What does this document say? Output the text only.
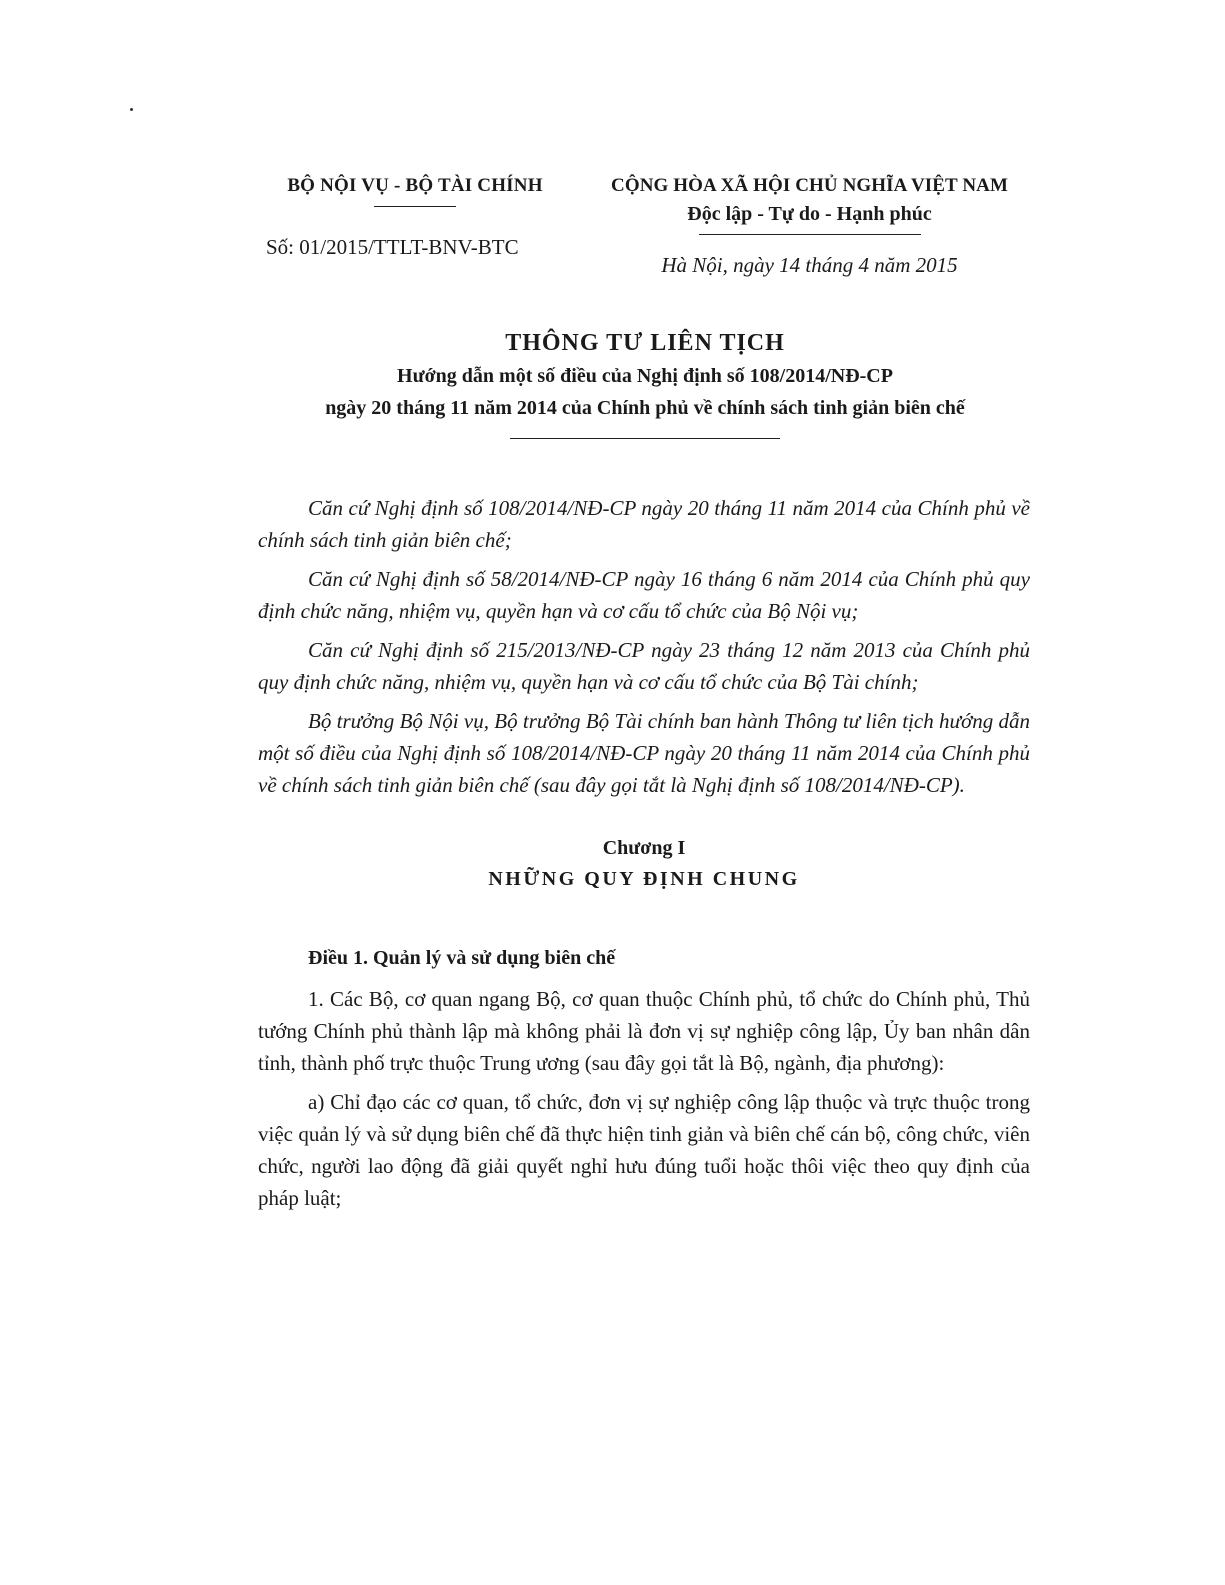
BỘ NỘI VỤ - BỘ TÀI CHÍNH
Số: 01/2015/TTLT-BNV-BTC
CỘNG HÒA XÃ HỘI CHỦ NGHĨA VIỆT NAM
Độc lập - Tự do - Hạnh phúc
Hà Nội, ngày 14 tháng 4 năm 2015
THÔNG TƯ LIÊN TỊCH
Hướng dẫn một số điều của Nghị định số 108/2014/NĐ-CP
ngày 20 tháng 11 năm 2014 của Chính phủ về chính sách tinh giản biên chế

Căn cứ Nghị định số 108/2014/NĐ-CP ngày 20 tháng 11 năm 2014 của Chính phủ về chính sách tinh giản biên chế;

Căn cứ Nghị định số 58/2014/NĐ-CP ngày 16 tháng 6 năm 2014 của Chính phủ quy định chức năng, nhiệm vụ, quyền hạn và cơ cấu tổ chức của Bộ Nội vụ;

Căn cứ Nghị định số 215/2013/NĐ-CP ngày 23 tháng 12 năm 2013 của Chính phủ quy định chức năng, nhiệm vụ, quyền hạn và cơ cấu tổ chức của Bộ Tài chính;

Bộ trưởng Bộ Nội vụ, Bộ trưởng Bộ Tài chính ban hành Thông tư liên tịch hướng dẫn một số điều của Nghị định số 108/2014/NĐ-CP ngày 20 tháng 11 năm 2014 của Chính phủ về chính sách tinh giản biên chế (sau đây gọi tắt là Nghị định số 108/2014/NĐ-CP).

Chương I
NHỮNG QUY ĐỊNH CHUNG
Điều 1. Quản lý và sử dụng biên chế

1. Các Bộ, cơ quan ngang Bộ, cơ quan thuộc Chính phủ, tổ chức do Chính phủ, Thủ tướng Chính phủ thành lập mà không phải là đơn vị sự nghiệp công lập, Ủy ban nhân dân tỉnh, thành phố trực thuộc Trung ương (sau đây gọi tắt là Bộ, ngành, địa phương):

a) Chỉ đạo các cơ quan, tổ chức, đơn vị sự nghiệp công lập thuộc và trực thuộc trong việc quản lý và sử dụng biên chế đã thực hiện tinh giản và biên chế cán bộ, công chức, viên chức, người lao động đã giải quyết nghỉ hưu đúng tuổi hoặc thôi việc theo quy định của pháp luật;
